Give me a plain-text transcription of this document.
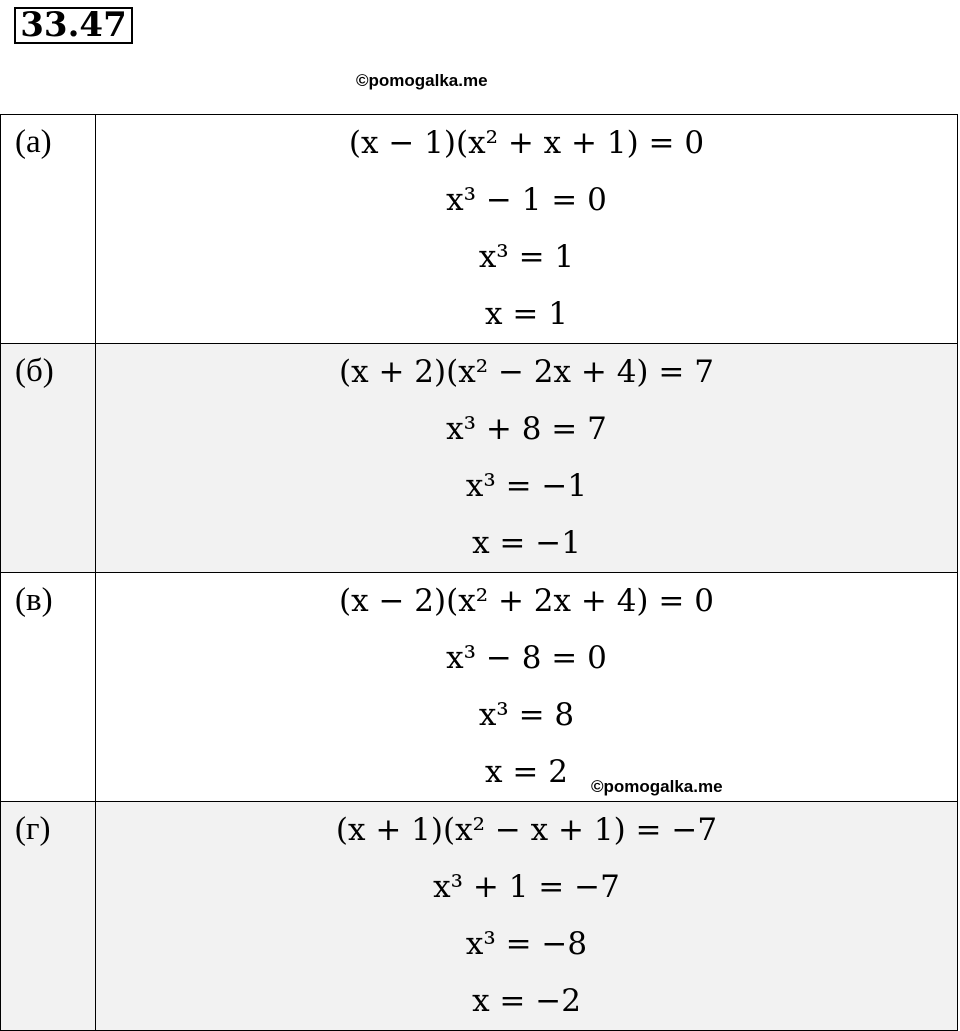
33.47
©pomogalka.me
(а)	(x − 1)(x² + x + 1) = 0
x³ − 1 = 0
x³ = 1
x = 1

(б)	(x + 2)(x² − 2x + 4) = 7
x³ + 8 = 7
x³ = −1
x = −1

(в)	(x − 2)(x² + 2x + 4) = 0
x³ − 8 = 0
x³ = 8
x = 2

(г)	(x + 1)(x² − x + 1) = −7
x³ + 1 = −7
x³ = −8
x = −2
©pomogalka.me
